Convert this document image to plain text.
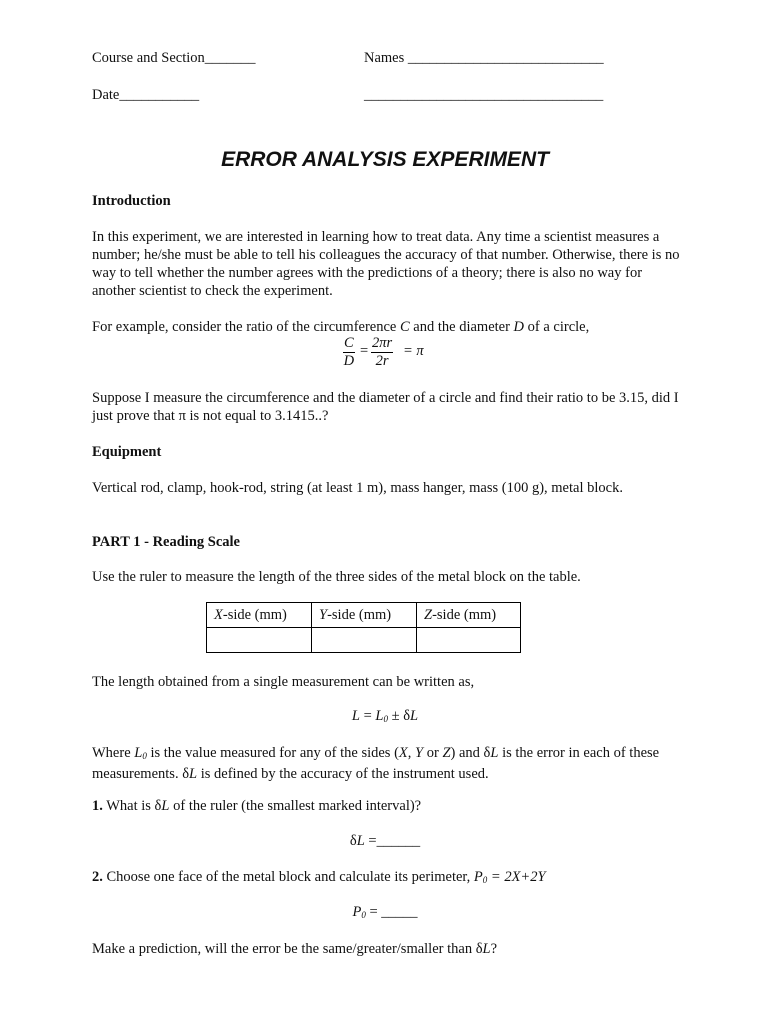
Course and Section_______	Names ___________________________
Date___________	_________________________________
ERROR ANALYSIS EXPERIMENT
Introduction
In this experiment, we are interested in learning how to treat data. Any time a scientist measures a number; he/she must be able to tell his colleagues the accuracy of that number. Otherwise, there is no way to tell whether the number agrees with the predictions of a theory; there is also no way for another scientist to check the experiment.
For example, consider the ratio of the circumference C and the diameter D of a circle,
$\frac{C}{D} = \frac{2\pi r}{2r} = \pi$
Suppose I measure the circumference and the diameter of a circle and find their ratio to be 3.15, did I just prove that π is not equal to 3.1415..?
Equipment
Vertical rod, clamp, hook-rod, string (at least 1 m), mass hanger, mass (100 g), metal block.
PART 1 - Reading Scale
Use the ruler to measure the length of the three sides of the metal block on the table.
X-side (mm)	Y-side (mm)	Z-side (mm)

The length obtained from a single measurement can be written as,
$L = L_0 \pm \delta L$
Where $L_0$ is the value measured for any of the sides (X, Y or Z) and δL is the error in each of these measurements. δL is defined by the accuracy of the instrument used.
1. What is δL of the ruler (the smallest marked interval)?
δL =______
2. Choose one face of the metal block and calculate its perimeter, $P_0 = 2X+2Y$
$P_0$ = _____
Make a prediction, will the error be the same/greater/smaller than δL?
